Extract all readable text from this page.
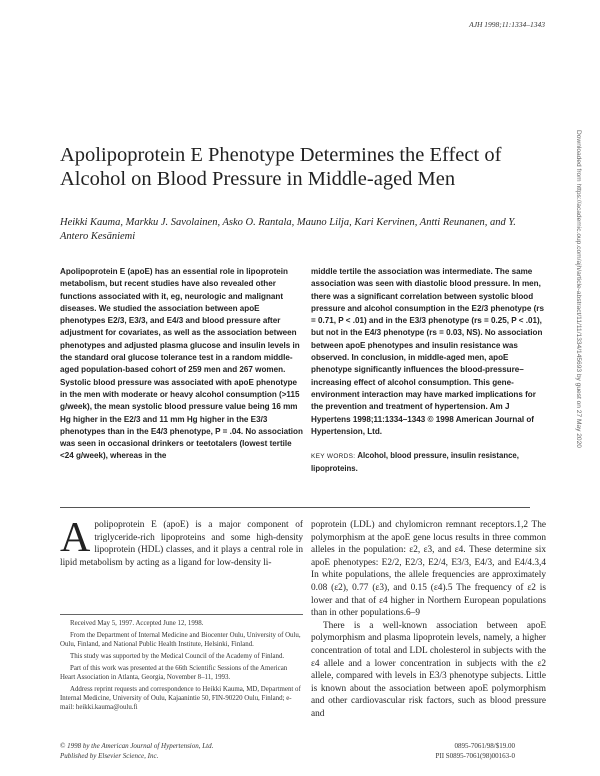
AJH 1998;11:1334–1343
Downloaded from https://academic.oup.com/ajh/article-abstract/11/11/1334/145693 by guest on 27 May 2020
Apolipoprotein E Phenotype Determines the Effect of Alcohol on Blood Pressure in Middle-aged Men
Heikki Kauma, Markku J. Savolainen, Asko O. Rantala, Mauno Lilja, Kari Kervinen, Antti Reunanen, and Y. Antero Kesäniemi

Apolipoprotein E (apoE) has an essential role in lipoprotein metabolism, but recent studies have also revealed other functions associated with it, eg, neurologic and malignant diseases. We studied the association between apoE phenotypes E2/3, E3/3, and E4/3 and blood pressure after adjustment for covariates, as well as the association between phenotypes and adjusted plasma glucose and insulin levels in the standard oral glucose tolerance test in a random middle-aged population-based cohort of 259 men and 267 women. Systolic blood pressure was associated with apoE phenotype in the men with moderate or heavy alcohol consumption (>115 g/week), the mean systolic blood pressure value being 16 mm Hg higher in the E2/3 and 11 mm Hg higher in the E3/3 phenotypes than in the E4/3 phenotype, P = .04. No association was seen in occasional drinkers or teetotalers (lowest tertile <24 g/week), whereas in the

middle tertile the association was intermediate. The same association was seen with diastolic blood pressure. In men, there was a significant correlation between systolic blood pressure and alcohol consumption in the E2/3 phenotype (rs = 0.71, P < .01) and in the E3/3 phenotype (rs = 0.25, P < .01), but not in the E4/3 phenotype (rs = 0.03, NS). No association between apoE phenotypes and insulin resistance was observed. In conclusion, in middle-aged men, apoE phenotype significantly influences the blood-pressure–increasing effect of alcohol consumption. This gene-environment interaction may have marked implications for the prevention and treatment of hypertension. Am J Hypertens 1998;11:1334–1343 © 1998 American Journal of Hypertension, Ltd.

KEY WORDS: Alcohol, blood pressure, insulin resistance, lipoproteins.

Apolipoprotein E (apoE) is a major component of triglyceride-rich lipoproteins and some high-density lipoprotein (HDL) classes, and it plays a central role in lipid metabolism by acting as a ligand for low-density li-

Received May 5, 1997. Accepted June 12, 1998.

From the Department of Internal Medicine and Biocenter Oulu, University of Oulu, Oulu, Finland, and National Public Health Institute, Helsinki, Finland.

This study was supported by the Medical Council of the Academy of Finland.

Part of this work was presented at the 66th Scientific Sessions of the American Heart Association in Atlanta, Georgia, November 8–11, 1993.

Address reprint requests and correspondence to Heikki Kauma, MD, Department of Internal Medicine, University of Oulu, Kajaanintie 50, FIN-90220 Oulu, Finland; e-mail: heikki.kauma@oulu.fi

poprotein (LDL) and chylomicron remnant receptors.1,2 The polymorphism at the apoE gene locus results in three common alleles in the population: ε2, ε3, and ε4. These determine six apoE phenotypes: E2/2, E2/3, E2/4, E3/3, E4/3, and E4/4.3,4 In white populations, the allele frequencies are approximately 0.08 (ε2), 0.77 (ε3), and 0.15 (ε4).5 The frequency of ε2 is lower and that of ε4 higher in Northern European populations than in other populations.6–9

There is a well-known association between apoE polymorphism and plasma lipoprotein levels, namely, a higher concentration of total and LDL cholesterol in subjects with the ε4 allele and a lower concentration in subjects with the ε2 allele, compared with levels in E3/3 phenotype subjects. Little is known about the association between apoE polymorphism and other cardiovascular risk factors, such as blood pressure and

© 1998 by the American Journal of Hypertension, Ltd.
Published by Elsevier Science, Inc.
0895-7061/98/$19.00
PII S0895-7061(98)00163-0
